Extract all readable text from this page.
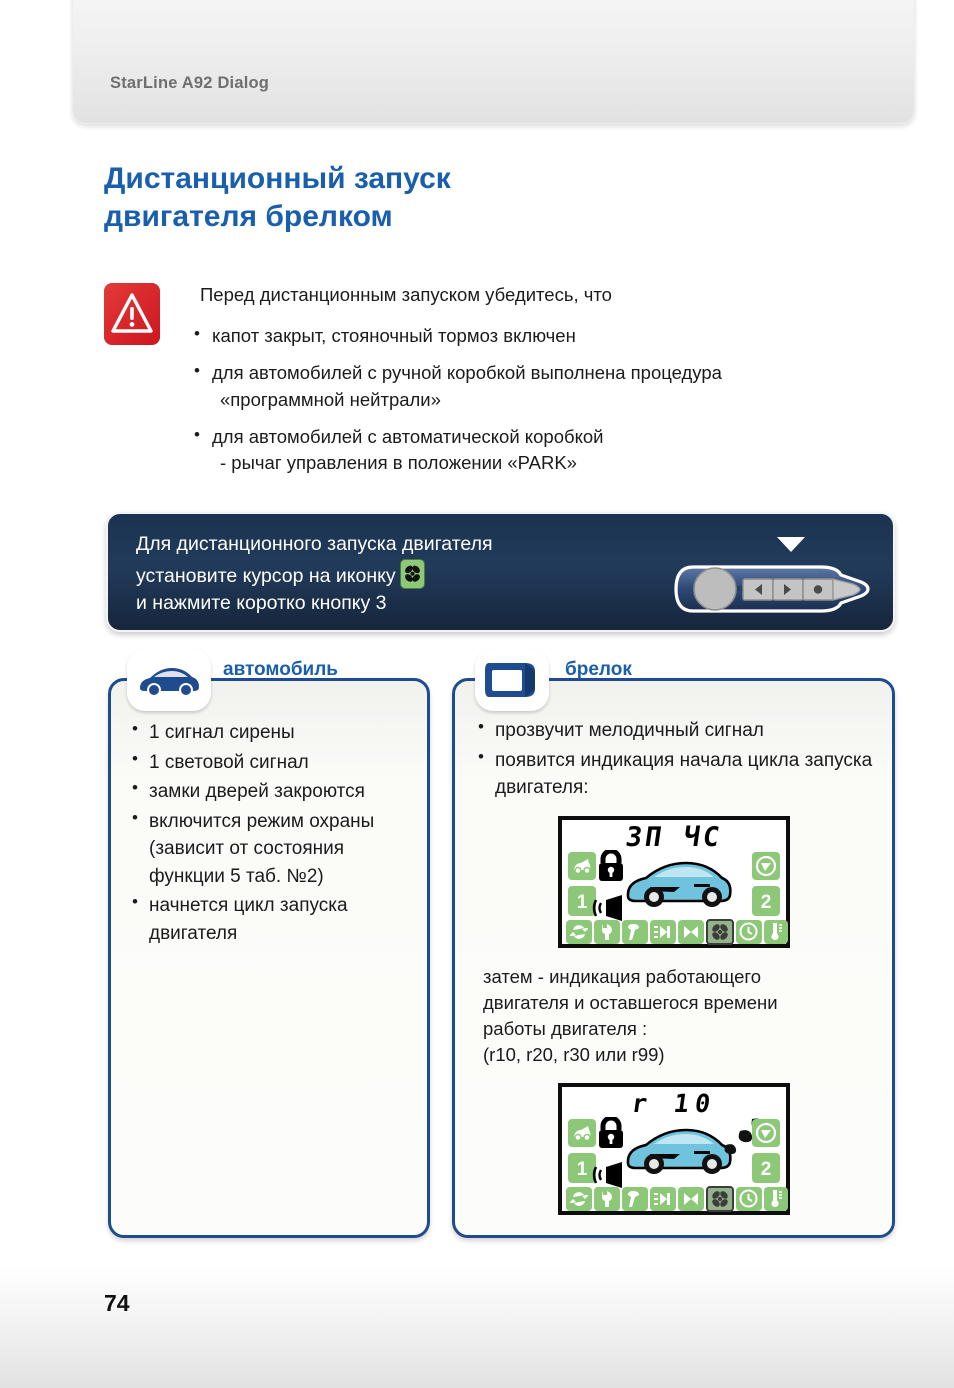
StarLine A92 Dialog
Дистанционный запуск
двигателя брелком
Перед дистанционным запуском убедитесь, что
• капот закрыт, стояночный тормоз включен
• для автомобилей с ручной коробкой выполнена процедура
«программной нейтрали»
• для автомобилей с автоматической коробкой
- рычаг управления в положении «PARK»
Для дистанционного запуска двигателя
установите курсор на иконку
и нажмите коротко кнопку 3
автомобиль
• 1 сигнал сирены
• 1 световой сигнал
• замки дверей закроются
• включится режим охраны (зависит от состояния функции 5 таб. №2)
• начнется цикл запуска двигателя
брелок
• прозвучит мелодичный сигнал
• появится индикация начала цикла запуска двигателя:
ЗП ЧС
1	2
затем - индикация работающего
двигателя и оставшегося времени
работы двигателя :
(r10, r20, r30 или r99)
r 10
1	2
74
